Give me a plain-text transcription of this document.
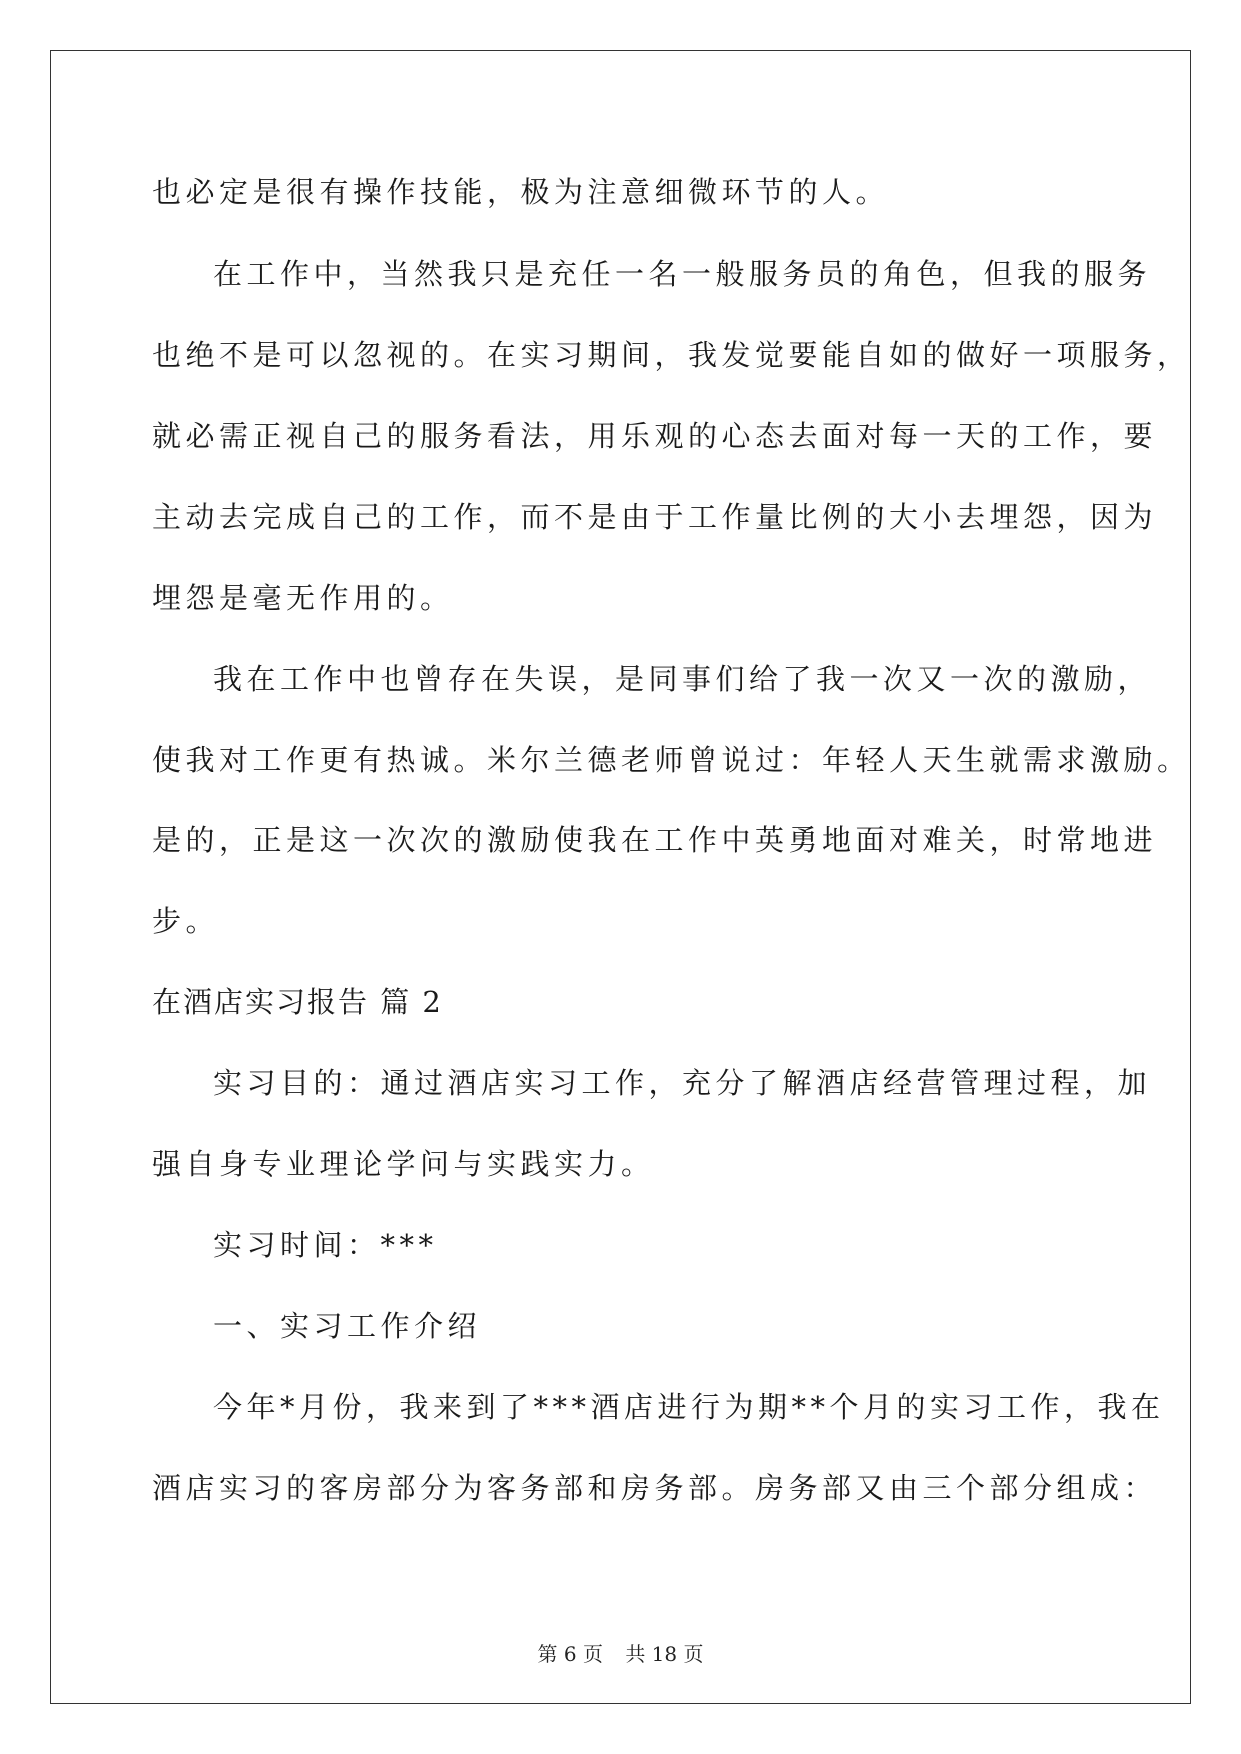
也必定是很有操作技能，极为注意细微环节的人。
在工作中，当然我只是充任一名一般服务员的角色，但我的服务
也绝不是可以忽视的。在实习期间，我发觉要能自如的做好一项服务，
就必需正视自己的服务看法，用乐观的心态去面对每一天的工作，要
主动去完成自己的工作，而不是由于工作量比例的大小去埋怨，因为
埋怨是毫无作用的。
我在工作中也曾存在失误，是同事们给了我一次又一次的激励，
使我对工作更有热诚。米尔兰德老师曾说过：年轻人天生就需求激励。
是的，正是这一次次的激励使我在工作中英勇地面对难关，时常地进
步。
在酒店实习报告 篇 2
实习目的：通过酒店实习工作，充分了解酒店经营管理过程，加
强自身专业理论学问与实践实力。
实习时间：***
一、实习工作介绍
今年*月份，我来到了***酒店进行为期**个月的实习工作，我在
酒店实习的客房部分为客务部和房务部。房务部又由三个部分组成：
第 6 页 共 18 页
